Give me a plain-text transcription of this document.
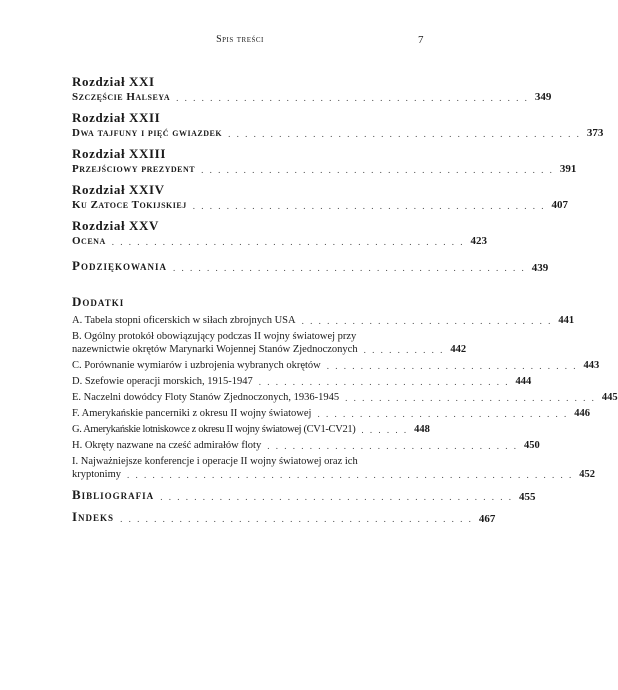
Spis treści	7
Rozdział XXI
Szczęście Halseya . . . . . . . . . . . . . . . . . . . . . . . . . . . . . . . . . . . . . . . . . . 349
Rozdział XXII
Dwa tajfuny i pięć gwiazdek . . . . . . . . . . . . . . . . . . . . . . . . . . . . . . . . . . . . . . . . . . 373
Rozdział XXIII
Przejściowy prezydent . . . . . . . . . . . . . . . . . . . . . . . . . . . . . . . . . . . . . . . . . . 391
Rozdział XXIV
Ku Zatoce Tokijskiej . . . . . . . . . . . . . . . . . . . . . . . . . . . . . . . . . . . . . . . . . . 407
Rozdział XXV
Ocena . . . . . . . . . . . . . . . . . . . . . . . . . . . . . . . . . . . . . . . . . . 423
Podziękowania . . . . . . . . . . . . . . . . . . . . . . . . . . . . . . . . . . . . . . . . . . 439
Dodatki
A. Tabela stopni oficerskich w siłach zbrojnych USA . . . . . . . . . . . . . . . . . . . . . . . . . . . . . . 441
B. Ogólny protokół obowiązujący podczas II wojny światowej przy
nazewnictwie okrętów Marynarki Wojennej Stanów Zjednoczonych . . . . . . . . . . 442
C. Porównanie wymiarów i uzbrojenia wybranych okrętów . . . . . . . . . . . . . . . . . . . . . . . . . . . . . . 443
D. Szefowie operacji morskich, 1915-1947 . . . . . . . . . . . . . . . . . . . . . . . . . . . . . . 444
E. Naczelni dowódcy Floty Stanów Zjednoczonych, 1936-1945 . . . . . . . . . . . . . . . . . . . . . . . . . . . . . . 445
F. Amerykańskie pancerniki z okresu II wojny światowej . . . . . . . . . . . . . . . . . . . . . . . . . . . . . . 446
G. Amerykańskie lotniskowce z okresu II wojny światowej (CV1-CV21) . . . . . . 448
H. Okręty nazwane na cześć admirałów floty . . . . . . . . . . . . . . . . . . . . . . . . . . . . . . 450
I. Najważniejsze konferencje i operacje II wojny światowej oraz ich
kryptonimy . . . . . . . . . . . . . . . . . . . . . . . . . . . . . . . . . . . . . . . . . . . . . . . . . . . . . 452
Bibliografia . . . . . . . . . . . . . . . . . . . . . . . . . . . . . . . . . . . . . . . . . . 455
Indeks . . . . . . . . . . . . . . . . . . . . . . . . . . . . . . . . . . . . . . . . . . 467
